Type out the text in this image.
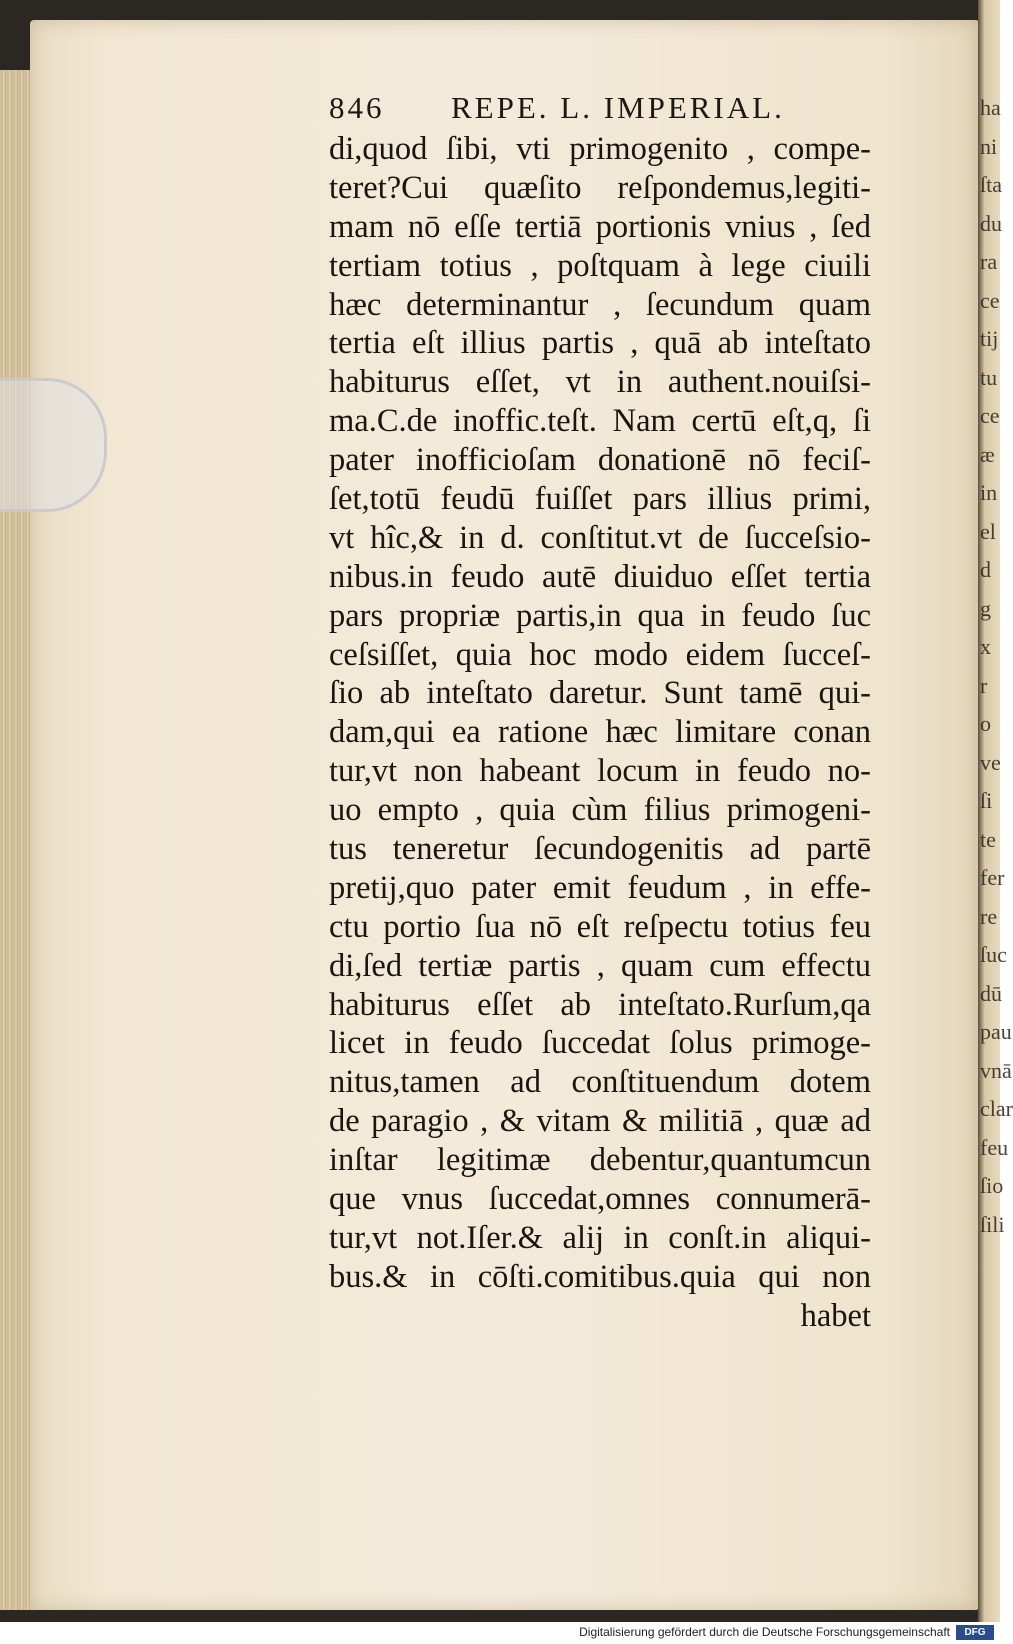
ha
ni
ſta
du
ra
ce
tij
tu
ce
æ
in
el
d
g
x
r
o
ve
ſi
te
fer
re
ſuc
dū
pau
vnā
clar
feu
ſio
ſili
846 REPE. L. IMPERIAL.
di,quod ſibi, vti primogenito , compe-
teret?Cui quæſito reſpondemus,legiti-
mam nō eſſe tertiā portionis vnius , ſed
tertiam totius , poſtquam à lege ciuili
hæc determinantur , ſecundum quam
tertia eſt illius partis , quā ab inteſtato
habiturus eſſet, vt in authent.nouiſsi-
ma.C.de inoffic.teſt. Nam certū eſt,q, ſi
pater inofficioſam donationē nō feciſ-
ſet,totū feudū fuiſſet pars illius primi,
vt hîc,& in d. conſtitut.vt de ſucceſsio-
nibus.in feudo autē diuiduo eſſet tertia
pars propriæ partis,in qua in feudo ſuc
ceſsiſſet, quia hoc modo eidem ſucceſ-
ſio ab inteſtato daretur. Sunt tamē qui-
dam,qui ea ratione hæc limitare conan
tur,vt non habeant locum in feudo no-
uo empto , quia cùm filius primogeni-
tus teneretur ſecundogenitis ad partē
pretij,quo pater emit feudum , in effe-
ctu portio ſua nō eſt reſpectu totius feu
di,ſed tertiæ partis , quam cum effectu
habiturus eſſet ab inteſtato.Rurſum,qa
licet in feudo ſuccedat ſolus primoge-
nitus,tamen ad conſtituendum dotem
de paragio , & vitam & militiā , quæ ad
inſtar legitimæ debentur,quantumcun
que vnus ſuccedat,omnes connumerā-
tur,vt not.Iſer.& alij in conſt.in aliqui-
bus.& in cōſti.comitibus.quia qui non
habet
Digitalisierung gefördert durch die Deutsche Forschungsgemeinschaft	DFG
